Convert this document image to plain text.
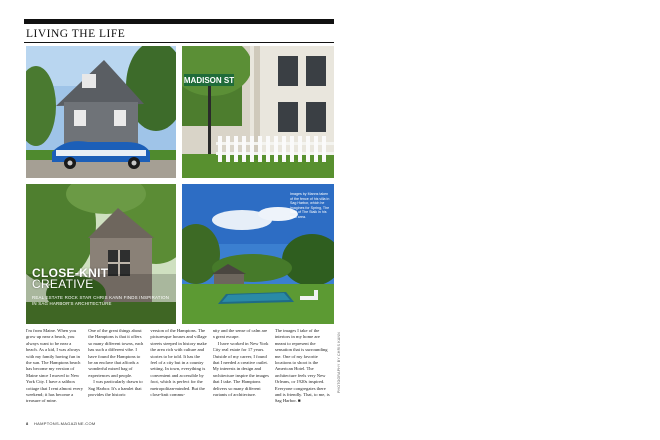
LIVING THE LIFE
MADISON ST
CLOSE-KNIT
CREATIVE
REAL ESTATE ROCK STAR CHRIS KANN FINDS INSPIRATION IN SAG HARBOR'S ARCHITECTURE
Images by Manns taken of the fence of his villa in Sag Harbor, which he imagines for Spring, The Stall of The Stalk in his pool area.

I'm from Maine. When you grow up near a beach, you always want to be near a beach. As a kid, I was always with my family having fun in the sun. The Hamptons beach has become my version of Maine since I moved to New York City. I have a saltbox cottage that I rent almost every weekend; it has become a treasure of mine.

One of the great things about the Hamptons is that it offers so many different towns, each has such a different vibe. I have found the Hamptons to be an enclave that affords a wonderful mixed bag of experiences and people.

I was particularly drawn to Sag Harbor. It's a hamlet that provides the historic

version of the Hamptons. The picturesque houses and village streets steeped in history make the area rich with culture and stories to be told. It has the feel of a city but in a country setting. In town, everything is convenient and accessible by foot, which is perfect for the metropolitan-minded. But the close-knit commu-

nity and the sense of calm are a great escape.

I have worked in New York City real estate for 17 years. Outside of my career, I found that I needed a creative outlet. My interests in design and architecture inspire the images that I take. The Hamptons delivers so many different variants of architecture.

The images I take of the interiors in my home are meant to represent the sensation that is surrounding me. One of my favorite locations to shoot is the American Hotel. The architecture feels very New Orleans, or 1920s inspired. Everyone congregates there and is friendly. That, to me, is Sag Harbor. ■

PHOTOGRAPHY BY CHRIS KANN
8 HAMPTONS-MAGAZINE.COM
